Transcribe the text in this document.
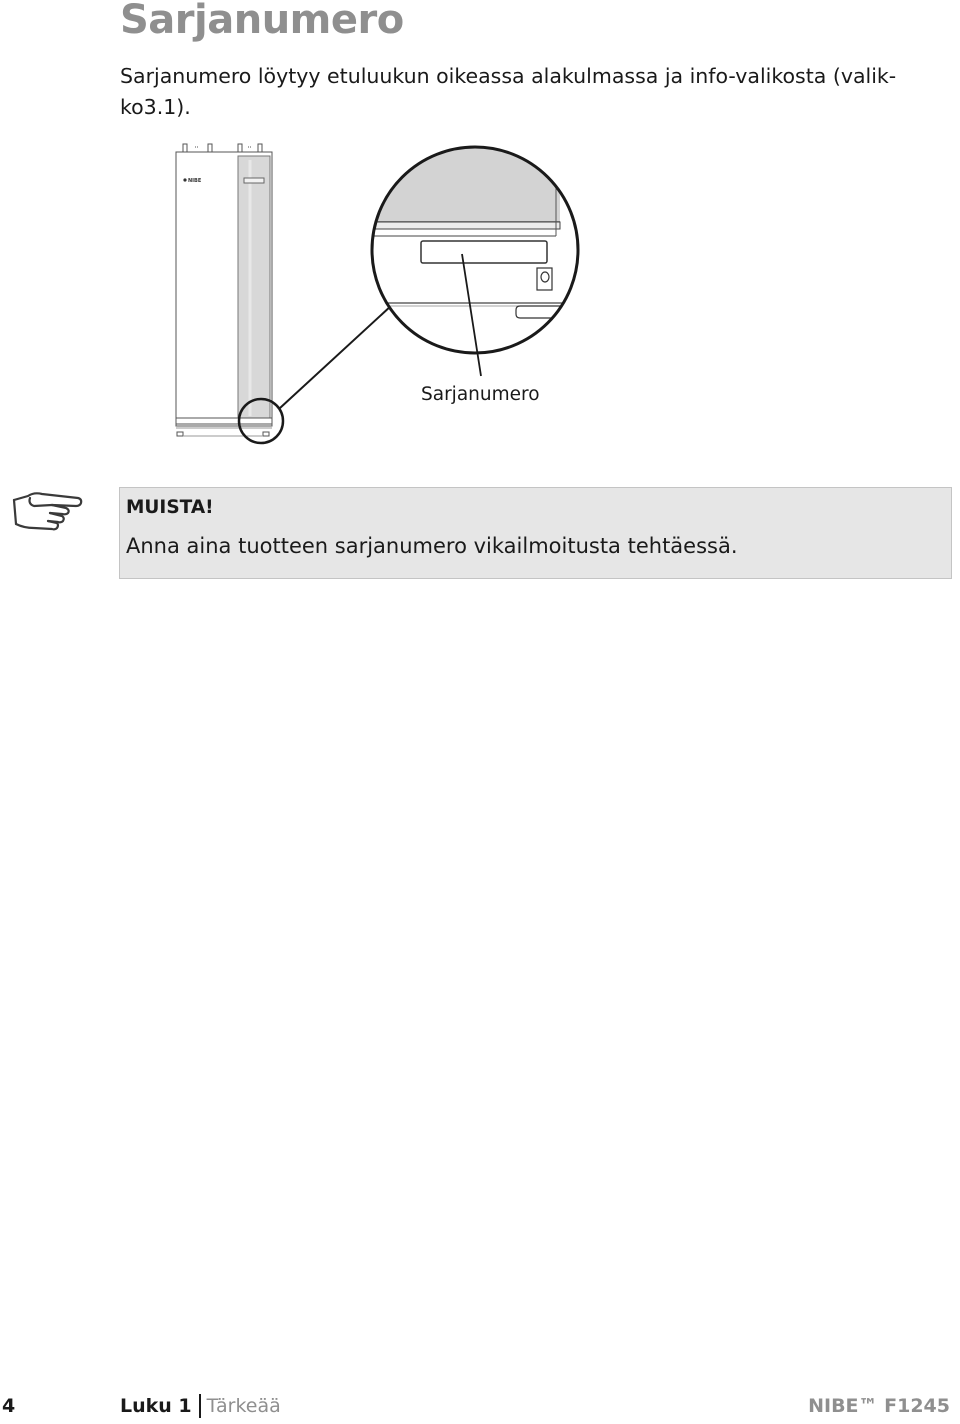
Sarjanumero

Sarjanumero löytyy etuluukun oikeassa alakulmassa ja info-valikosta (valik-ko3.1).

NIBE
Sarjanumero
MUISTA!
Anna aina tuotteen sarjanumero vikailmoitusta tehtäessä.
4	Luku 1 Tärkeää	NIBE™ F1245
